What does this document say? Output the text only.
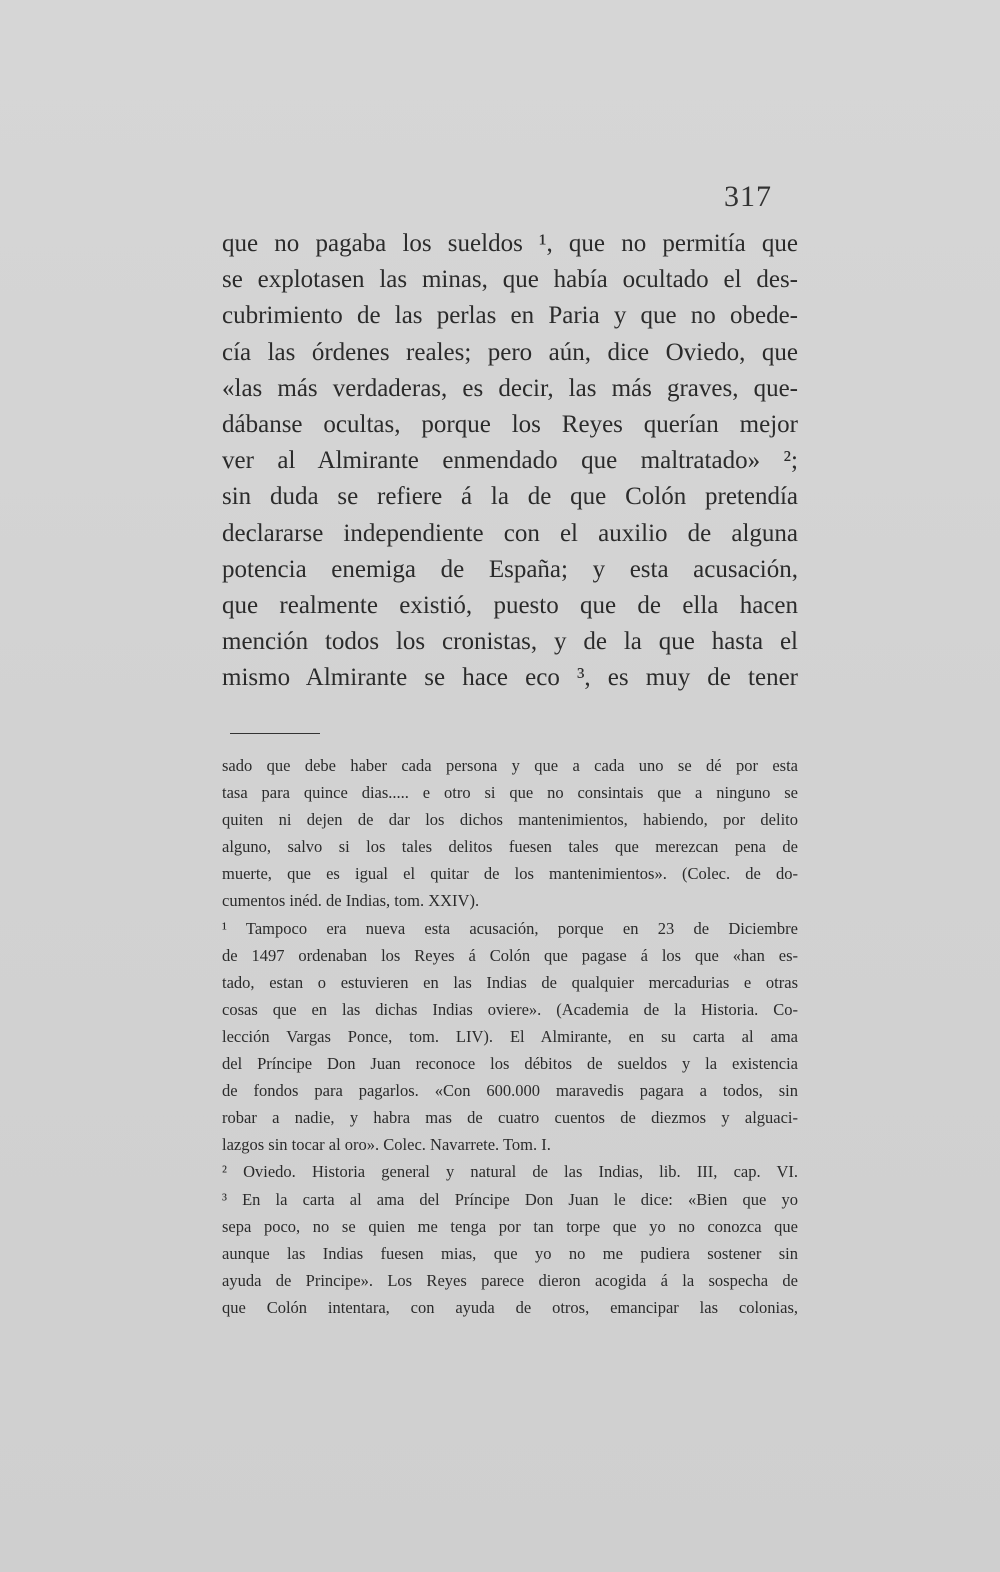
317
que no pagaba los sueldos ¹, que no permitía que
se explotasen las minas, que había ocultado el des-
cubrimiento de las perlas en Paria y que no obede-
cía las órdenes reales; pero aún, dice Oviedo, que
«las más verdaderas, es decir, las más graves, que-
dábanse ocultas, porque los Reyes querían mejor
ver al Almirante enmendado que maltratado» ²;
sin duda se refiere á la de que Colón pretendía
declararse independiente con el auxilio de alguna
potencia enemiga de España; y esta acusación,
que realmente existió, puesto que de ella hacen
mención todos los cronistas, y de la que hasta el
mismo Almirante se hace eco ³, es muy de tener
sado que debe haber cada persona y que a cada uno se dé por esta
tasa para quince dias..... e otro si que no consintais que a ninguno se
quiten ni dejen de dar los dichos mantenimientos, habiendo, por delito
alguno, salvo si los tales delitos fuesen tales que merezcan pena de
muerte, que es igual el quitar de los mantenimientos». (Colec. de do-
cumentos inéd. de Indias, tom. XXIV).
¹ Tampoco era nueva esta acusación, porque en 23 de Diciembre
de 1497 ordenaban los Reyes á Colón que pagase á los que «han es-
tado, estan o estuvieren en las Indias de qualquier mercadurias e otras
cosas que en las dichas Indias oviere». (Academia de la Historia. Co-
lección Vargas Ponce, tom. LIV). El Almirante, en su carta al ama
del Príncipe Don Juan reconoce los débitos de sueldos y la existencia
de fondos para pagarlos. «Con 600.000 maravedis pagara a todos, sin
robar a nadie, y habra mas de cuatro cuentos de diezmos y alguaci-
lazgos sin tocar al oro». Colec. Navarrete. Tom. I.
² Oviedo. Historia general y natural de las Indias, lib. III, cap. VI.
³ En la carta al ama del Príncipe Don Juan le dice: «Bien que yo
sepa poco, no se quien me tenga por tan torpe que yo no conozca que
aunque las Indias fuesen mias, que yo no me pudiera sostener sin
ayuda de Principe». Los Reyes parece dieron acogida á la sospecha de
que Colón intentara, con ayuda de otros, emancipar las colonias,
